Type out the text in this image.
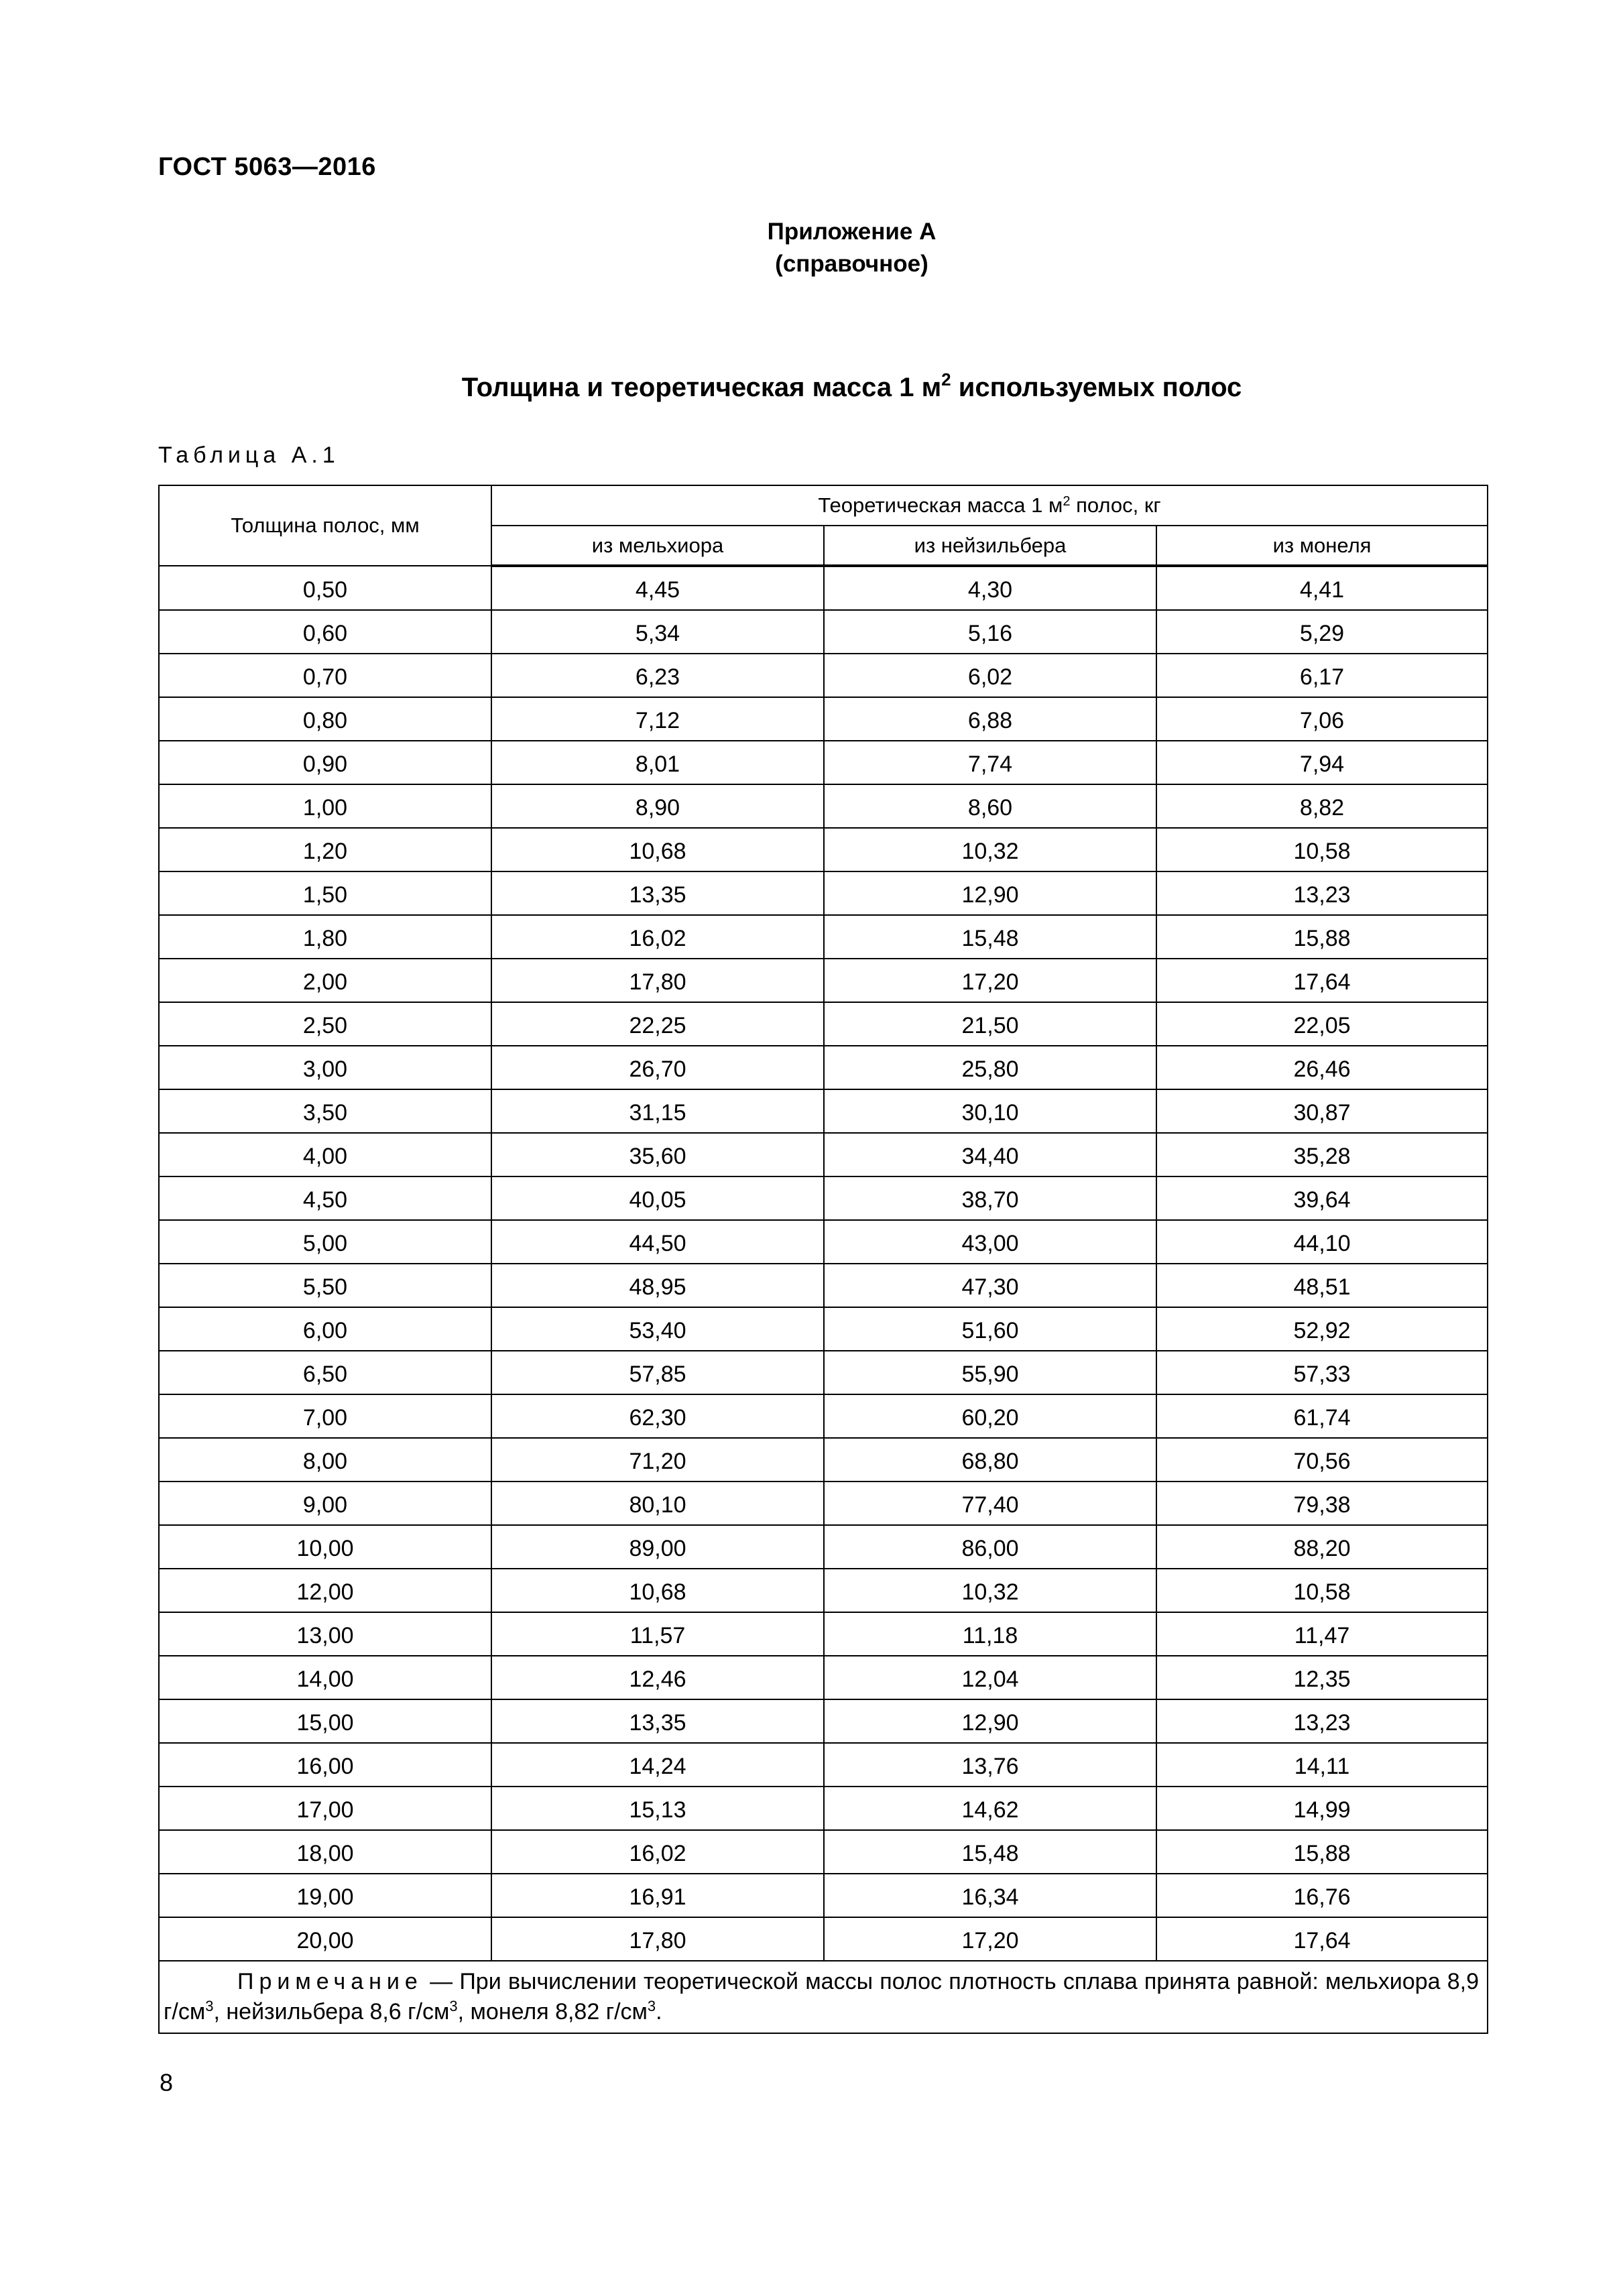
ГОСТ 5063—2016
Приложение А
(справочное)
Толщина и теоретическая масса 1 $м^2$ используемых полос
Таблица А.1
Толщина полос, мм	Теоретическая масса 1 $м^2$ полос, кг		
	из мельхиора	из нейзильбера	из монеля
0,50	4,45	4,30	4,41
0,60	5,34	5,16	5,29
0,70	6,23	6,02	6,17
0,80	7,12	6,88	7,06
0,90	8,01	7,74	7,94
1,00	8,90	8,60	8,82
1,20	10,68	10,32	10,58
1,50	13,35	12,90	13,23
1,80	16,02	15,48	15,88
2,00	17,80	17,20	17,64
2,50	22,25	21,50	22,05
3,00	26,70	25,80	26,46
3,50	31,15	30,10	30,87
4,00	35,60	34,40	35,28
4,50	40,05	38,70	39,64
5,00	44,50	43,00	44,10
5,50	48,95	47,30	48,51
6,00	53,40	51,60	52,92
6,50	57,85	55,90	57,33
7,00	62,30	60,20	61,74
8,00	71,20	68,80	70,56
9,00	80,10	77,40	79,38
10,00	89,00	86,00	88,20
12,00	10,68	10,32	10,58
13,00	11,57	11,18	11,47
14,00	12,46	12,04	12,35
15,00	13,35	12,90	13,23
16,00	14,24	13,76	14,11
17,00	15,13	14,62	14,99
18,00	16,02	15,48	15,88
19,00	16,91	16,34	16,76
20,00	17,80	17,20	17,64
Примечание — При вычислении теоретической массы полос плотность сплава принята равной: мельхиора 8,9 $г/см^3$, нейзильбера 8,6 $г/см^3$, монеля 8,82 $г/см^3$.			
8
